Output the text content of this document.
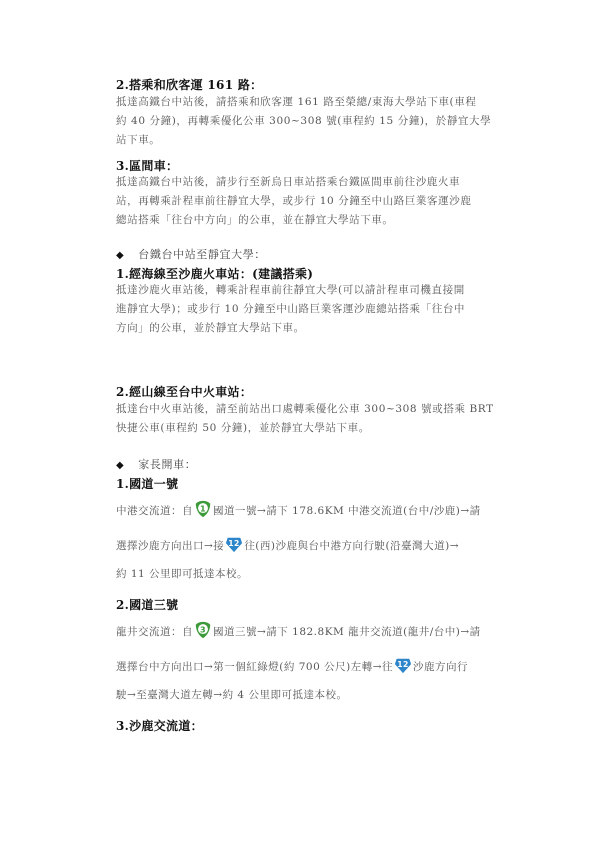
2.搭乘和欣客運 161 路：
抵達高鐵台中站後，請搭乘和欣客運 161 路至榮總/東海大學站下車(車程
約 40 分鐘)，再轉乘優化公車 300~308 號(車程約 15 分鐘)，於靜宜大學
站下車。
3.區間車：
抵達高鐵台中站後，請步行至新烏日車站搭乘台鐵區間車前往沙鹿火車
站，再轉乘計程車前往靜宜大學，或步行 10 分鐘至中山路巨業客運沙鹿
總站搭乘「往台中方向」的公車，並在靜宜大學站下車。
◆ 台鐵台中站至靜宜大學：
1.經海線至沙鹿火車站：(建議搭乘)
抵達沙鹿火車站後，轉乘計程車前往靜宜大學(可以請計程車司機直接開
進靜宜大學)；或步行 10 分鐘至中山路巨業客運沙鹿總站搭乘「往台中
方向」的公車，並於靜宜大學站下車。
2.經山線至台中火車站：
抵達台中火車站後，請至前站出口處轉乘優化公車 300~308 號或搭乘 BRT
快捷公車(車程約 50 分鐘)，並於靜宜大學站下車。
◆ 家長開車：
1.國道一號
中港交流道：自 1 國道一號→請下 178.6KM 中港交流道(台中/沙鹿)→請
選擇沙鹿方向出口→接 12 往(西)沙鹿與台中港方向行駛(沿臺灣大道)→
約 11 公里即可抵達本校。
2.國道三號
龍井交流道：自 3 國道三號→請下 182.8KM 龍井交流道(龍井/台中)→請
選擇台中方向出口→第一個紅綠燈(約 700 公尺)左轉→往 12 沙鹿方向行
駛→至臺灣大道左轉→約 4 公里即可抵達本校。
3.沙鹿交流道：
